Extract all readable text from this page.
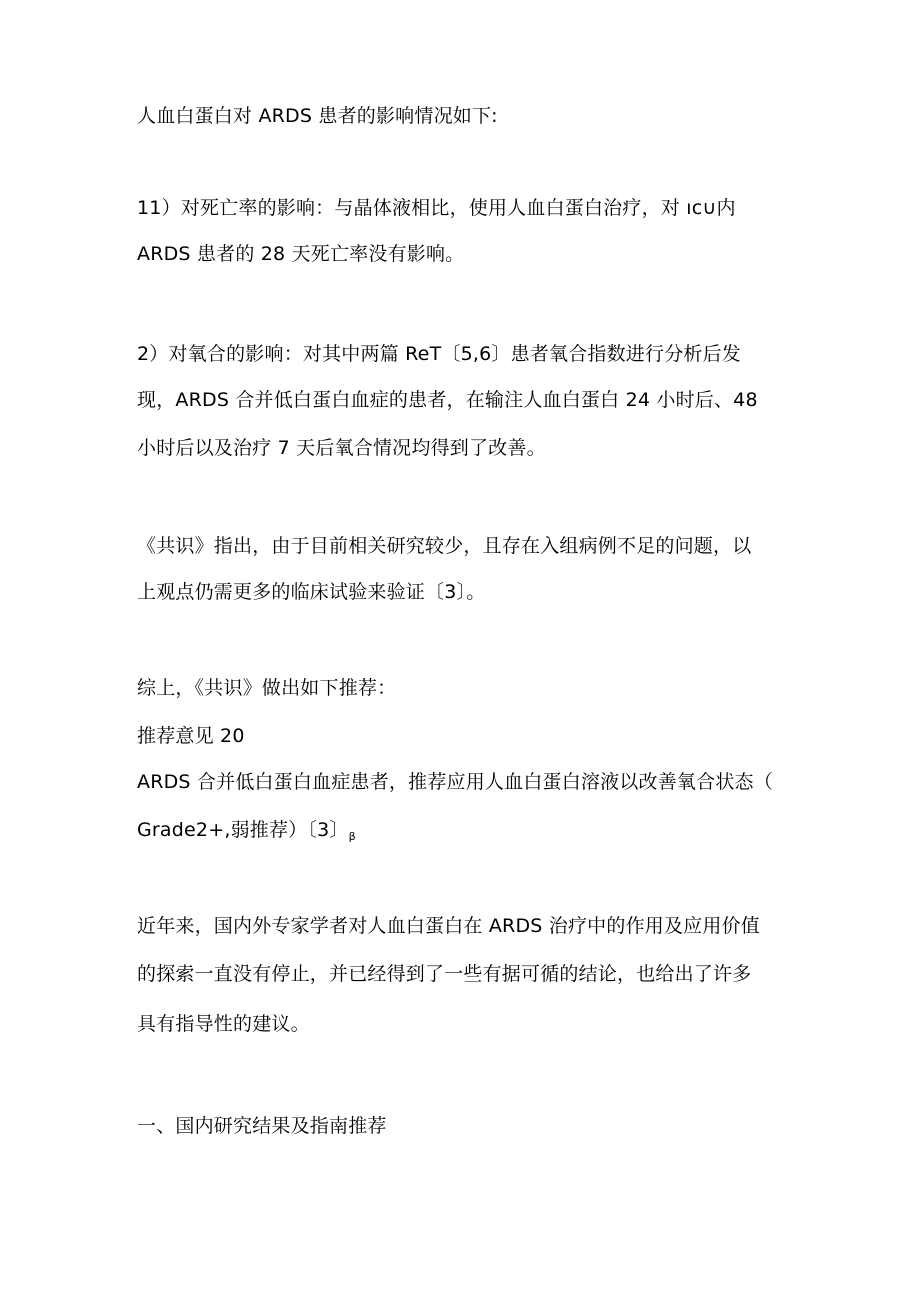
人血白蛋白对 ARDS 患者的影响情况如下:
11）对死亡率的影响：与晶体液相比，使用人血白蛋白治疗，对 ıc∪内
ARDS 患者的 28 天死亡率没有影响。
2）对氧合的影响：对其中两篇 ReT〔5,6〕患者氧合指数进行分析后发
现，ARDS 合并低白蛋白血症的患者，在输注人血白蛋白 24 小时后、48
小时后以及治疗 7 天后氧合情况均得到了改善。
《共识》指出，由于目前相关研究较少，且存在入组病例不足的问题，以
上观点仍需更多的临床试验来验证〔3〕。
综上，《共识》做出如下推荐：
推荐意见 20
ARDS 合并低白蛋白血症患者，推荐应用人血白蛋白溶液以改善氧合状态（
Grade2+,弱推荐）〔3〕$_\beta$
近年来，国内外专家学者对人血白蛋白在 ARDS 治疗中的作用及应用价值
的探索一直没有停止，并已经得到了一些有据可循的结论，也给出了许多
具有指导性的建议。
一、国内研究结果及指南推荐
